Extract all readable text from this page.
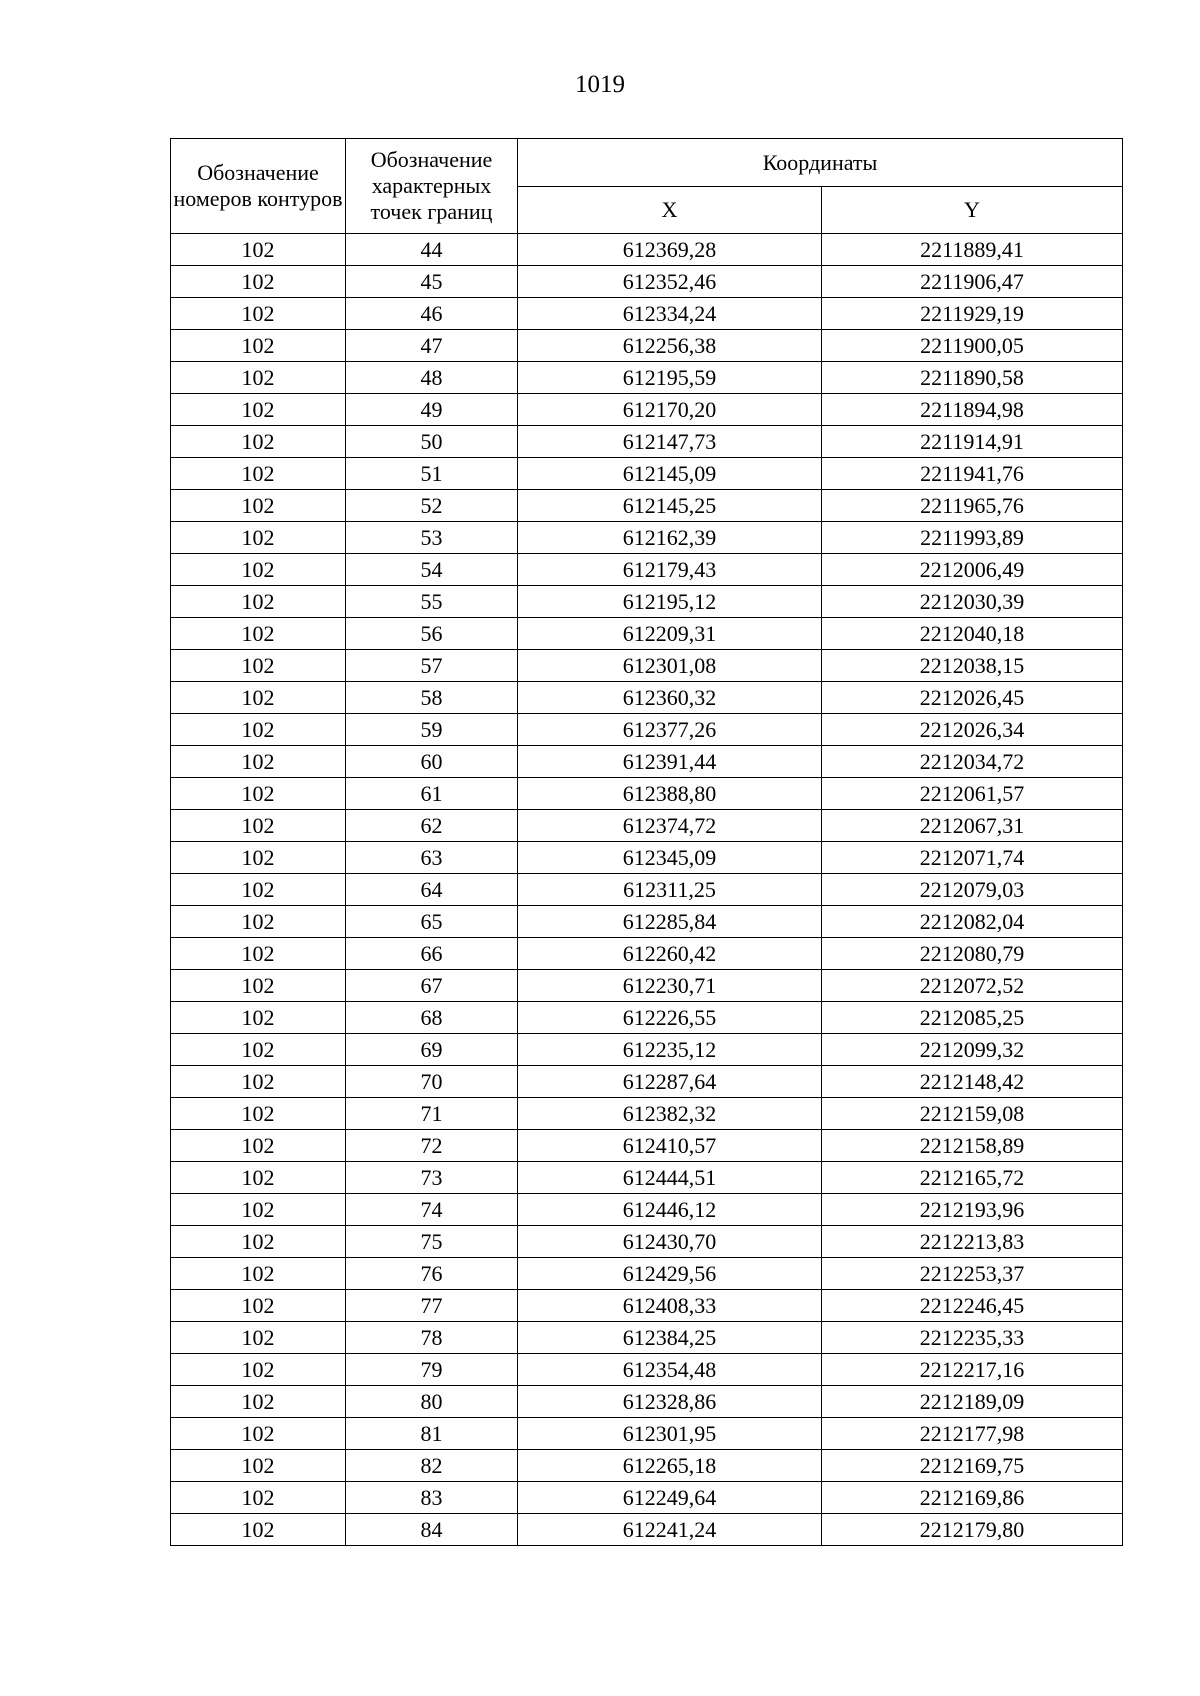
1019
Обозначение номеров контуров	Обозначение характерных точек границ	Координаты	
		X	Y
102	44	612369,28	2211889,41
102	45	612352,46	2211906,47
102	46	612334,24	2211929,19
102	47	612256,38	2211900,05
102	48	612195,59	2211890,58
102	49	612170,20	2211894,98
102	50	612147,73	2211914,91
102	51	612145,09	2211941,76
102	52	612145,25	2211965,76
102	53	612162,39	2211993,89
102	54	612179,43	2212006,49
102	55	612195,12	2212030,39
102	56	612209,31	2212040,18
102	57	612301,08	2212038,15
102	58	612360,32	2212026,45
102	59	612377,26	2212026,34
102	60	612391,44	2212034,72
102	61	612388,80	2212061,57
102	62	612374,72	2212067,31
102	63	612345,09	2212071,74
102	64	612311,25	2212079,03
102	65	612285,84	2212082,04
102	66	612260,42	2212080,79
102	67	612230,71	2212072,52
102	68	612226,55	2212085,25
102	69	612235,12	2212099,32
102	70	612287,64	2212148,42
102	71	612382,32	2212159,08
102	72	612410,57	2212158,89
102	73	612444,51	2212165,72
102	74	612446,12	2212193,96
102	75	612430,70	2212213,83
102	76	612429,56	2212253,37
102	77	612408,33	2212246,45
102	78	612384,25	2212235,33
102	79	612354,48	2212217,16
102	80	612328,86	2212189,09
102	81	612301,95	2212177,98
102	82	612265,18	2212169,75
102	83	612249,64	2212169,86
102	84	612241,24	2212179,80
